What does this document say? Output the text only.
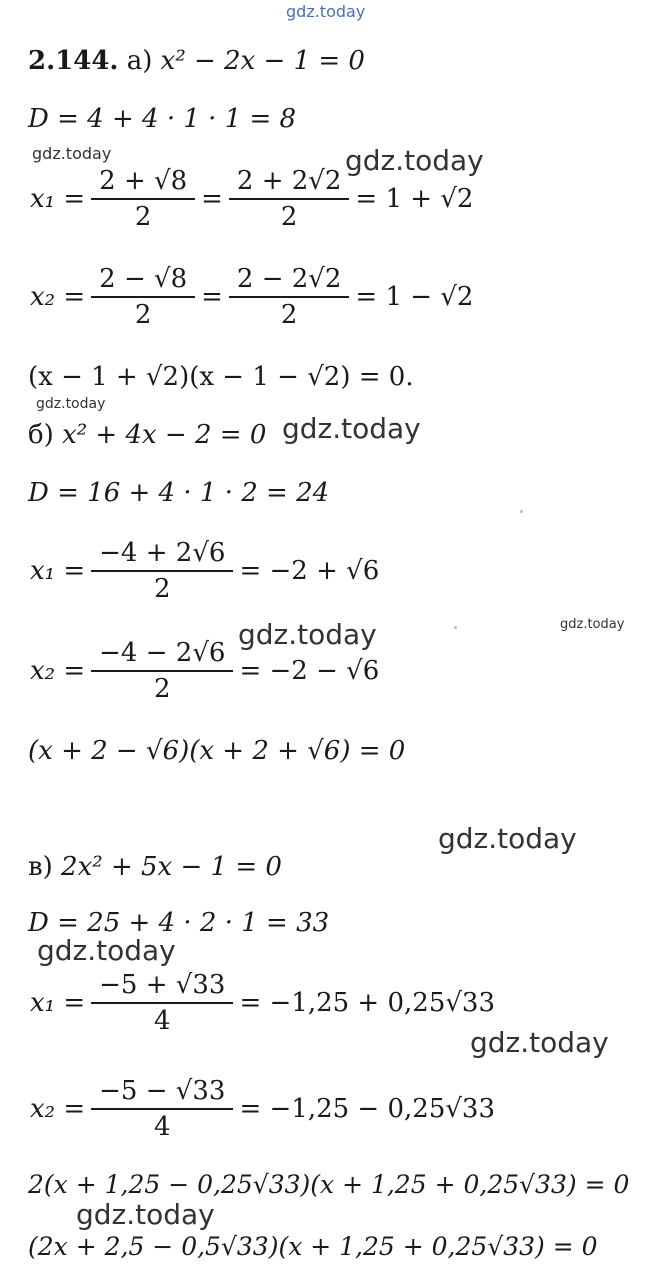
gdz.today
gdz.today	gdz.today
gdz.today
gdz.today
gdz.today	gdz.today
gdz.today
gdz.today
gdz.today
gdz.today
2.144. а) x² − 2x − 1 = 0
D = 4 + 4 · 1 · 1 = 8
$x_1 = \frac{2 + √8}{2} = \frac{2 + 2√2}{2} = 1 + √2$
$x_2 = \frac{2 - √8}{2} = \frac{2 - 2√2}{2} = 1 - √2$
(x − 1 + √2)(x − 1 − √2) = 0.
б) x² + 4x − 2 = 0
D = 16 + 4 · 1 · 2 = 24
$x_1 = \frac{-4 + 2√6}{2} = -2 + √6$
$x_2 = \frac{-4 - 2√6}{2} = -2 - √6$
(x + 2 − √6)(x + 2 + √6) = 0
в) 2x² + 5x − 1 = 0
D = 25 + 4 · 2 · 1 = 33
$x_1 = \frac{-5 + √33}{4} = -1,25 + 0,25√33$
$x_2 = \frac{-5 - √33}{4} = -1,25 - 0,25√33$
2(x + 1,25 − 0,25√33)(x + 1,25 + 0,25√33) = 0
(2x + 2,5 − 0,5√33)(x + 1,25 + 0,25√33) = 0
